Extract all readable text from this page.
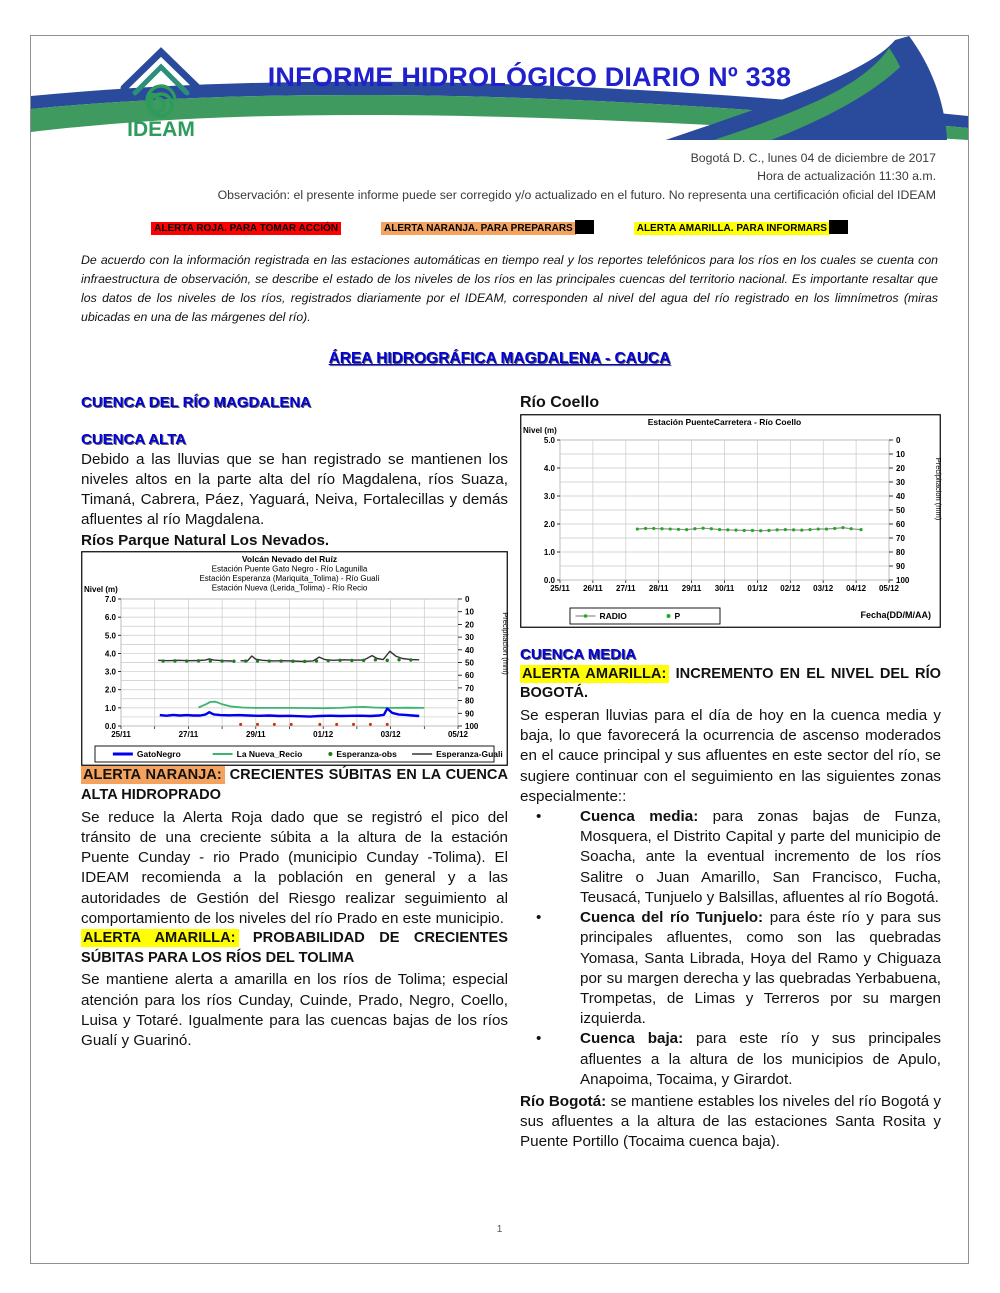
IDEAM
INFORME HIDROLÓGICO DIARIO Nº 338
Bogotá D. C., lunes 04 de diciembre de 2017
Hora de actualización 11:30 a.m.
Observación: el presente informe puede ser corregido y/o actualizado en el futuro. No representa una certificación oficial del IDEAM
ALERTA ROJA. PARA TOMAR ACCIÓN	ALERTA NARANJA. PARA PREPARARS	ALERTA AMARILLA. PARA INFORMARS

De acuerdo con la información registrada en las estaciones automáticas en tiempo real y los reportes telefónicos para los ríos en los cuales se cuenta con infraestructura de observación, se describe el estado de los niveles de los ríos en las principales cuencas del territorio nacional. Es importante resaltar que los datos de los niveles de los ríos, registrados diariamente por el IDEAM, corresponden al nivel del agua del río registrado en los limnímetros (miras ubicadas en una de las márgenes del río).

ÁREA HIDROGRÁFICA MAGDALENA - CAUCA

CUENCA DEL RÍO MAGDALENA

CUENCA ALTA

Debido a las lluvias que se han registrado se mantienen los niveles altos en la parte alta del río Magdalena, ríos Suaza, Timaná, Cabrera, Páez, Yaguará, Neiva, Fortalecillas y demás afluentes al río Magdalena.

Ríos Parque Natural Los Nevados.

Volcán Nevado del Ruíz
Estación Puente Gato Negro - Río Lagunilla
Estación Esperanza (Mariquita_Tolima) - Río Gualí
Estación Nueva (Lerida_Tolima) - Río Recio
7.0
6.0
5.0
4.0
3.0
2.0
1.0
0.0
0
10
20
30
40
50
60
70
80
90
100
25/11	27/11	29/11	01/12	03/12	05/12
Nivel (m)
Precipitacion (mm)
GatoNegro	La Nueva_Recio	Esperanza-obs	Esperanza-Guali

ALERTA NARANJA: CRECIENTES SÚBITAS EN LA CUENCA ALTA HIDROPRADO

Se reduce la Alerta Roja dado que se registró el pico del tránsito de una creciente súbita a la altura de la estación Puente Cunday - rio Prado (municipio Cunday -Tolima). El IDEAM recomienda a la población en general y a las autoridades de Gestión del Riesgo realizar seguimiento al comportamiento de los niveles del río Prado en este municipio.

ALERTA AMARILLA: PROBABILIDAD DE CRECIENTES SÚBITAS PARA LOS RÍOS DEL TOLIMA

Se mantiene alerta a amarilla en los ríos de Tolima; especial atención para los ríos Cunday, Cuinde, Prado, Negro, Coello, Luisa y Totaré. Igualmente para las cuencas bajas de los ríos Gualí y Guarinó.

Río Coello

Estación PuenteCarretera - Río Coello
5.0
4.0
3.0
2.0
1.0
0.0
0
10
20
30
40
50
60
70
80
90
100
25/11 26/11 27/11 28/11 29/11 30/11 01/12 02/12 03/12 04/12 05/12
Nivel (m)
Precipitacion (mm)
RADIO	P	Fecha(DD/M/AA)

CUENCA MEDIA

ALERTA AMARILLA: INCREMENTO EN EL NIVEL DEL RÍO BOGOTÁ.

Se esperan lluvias para el día de hoy en la cuenca media y baja, lo que favorecerá la ocurrencia de ascenso moderados en el cauce principal y sus afluentes en este sector del río, se sugiere continuar con el seguimiento en las siguientes zonas especialmente::

• Cuenca media: para zonas bajas de Funza, Mosquera, el Distrito Capital y parte del municipio de Soacha, ante la eventual incremento de los ríos Salitre o Juan Amarillo, San Francisco, Fucha, Teusacá, Tunjuelo y Balsillas, afluentes al río Bogotá.
• Cuenca del río Tunjuelo: para éste río y para sus principales afluentes, como son las quebradas Yomasa, Santa Librada, Hoya del Ramo y Chiguaza por su margen derecha y las quebradas Yerbabuena, Trompetas, de Limas y Terreros por su margen izquierda.
• Cuenca baja: para este río y sus principales afluentes a la altura de los municipios de Apulo, Anapoima, Tocaima, y Girardot.

Río Bogotá: se mantiene estables los niveles del río Bogotá y sus afluentes a la altura de las estaciones Santa Rosita y Puente Portillo (Tocaima cuenca baja).

1
